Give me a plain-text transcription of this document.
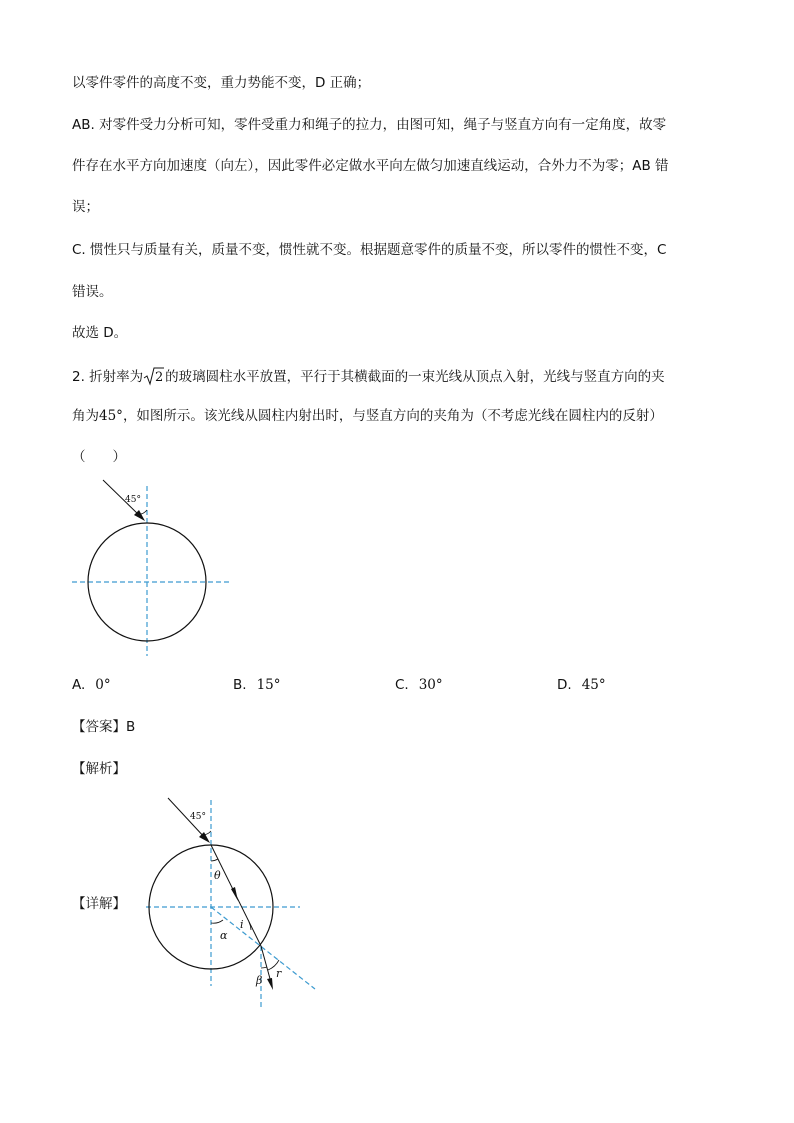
以零件零件的高度不变，重力势能不变，D 正确；
AB. 对零件受力分析可知，零件受重力和绳子的拉力，由图可知，绳子与竖直方向有一定角度，故零
件存在水平方向加速度（向左），因此零件必定做水平向左做匀加速直线运动，合外力不为零；AB 错
误；
C. 惯性只与质量有关，质量不变，惯性就不变。根据题意零件的质量不变，所以零件的惯性不变，C
错误。
故选 D。
2. 折射率为 2 的玻璃圆柱水平放置，平行于其横截面的一束光线从顶点入射，光线与竖直方向的夹
角为45°，如图所示。该光线从圆柱内射出时，与竖直方向的夹角为（不考虑光线在圆柱内的反射）
（　　）
45°
A. 0°	B. 15°	C. 30°	D. 45°
【答案】B
【解析】
【详解】
45°
θ
i
α
β
r
